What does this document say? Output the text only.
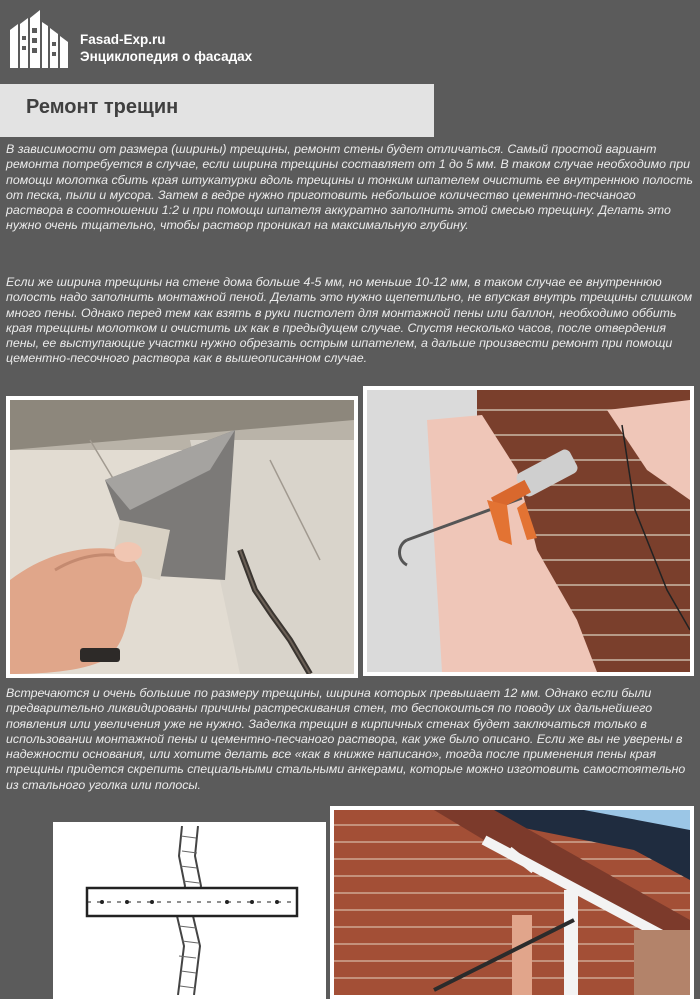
Fasad-Exp.ru
Энциклопедия о фасадах
Ремонт трещин
В зависимости от размера (ширины) трещины, ремонт стены будет отличаться. Самый простой вариант ремонта потребуется в случае, если ширина трещины составляет от 1 до 5 мм. В таком случае необходимо при помощи молотка сбить края штукатурки вдоль трещины и тонким шпателем очистить ее внутреннюю полость от песка, пыли и мусора. Затем в ведре нужно приготовить небольшое количество цементно-песчаного раствора в соотношении 1:2 и при помощи шпателя аккуратно заполнить этой смесью трещину. Делать это нужно очень тщательно, чтобы раствор проникал на максимальную глубину.
Если же ширина трещины на стене дома больше 4-5 мм, но меньше 10-12 мм, в таком случае ее внутреннюю полость надо заполнить монтажной пеной. Делать это нужно щепетильно, не впуская внутрь трещины слишком много пены. Однако перед тем как взять в руки пистолет для монтажной пены или баллон, необходимо оббить края трещины молотком и очистить их как в предыдущем случае. Спустя несколько часов, после отвердения пены, ее выступающие участки нужно обрезать острым шпателем, а дальше произвести ремонт при помощи цементно-песочного раствора как в вышеописанном случае.
Встречаются и очень большие по размеру трещины, ширина которых превышает 12 мм. Однако если были предварительно ликвидированы причины растрескивания стен, то беспокоиться по поводу их дальнейшего появления или увеличения уже не нужно. Заделка трещин в кирпичных стенах будет заключаться только в использовании монтажной пены и цементно-песчаного раствора, как уже было описано. Если же вы не уверены в надежности основания, или хотите делать все «как в книжке написано», тогда после применения пены края трещины придется скрепить специальными стальными анкерами, которые можно изготовить самостоятельно из стального уголка или полосы.
